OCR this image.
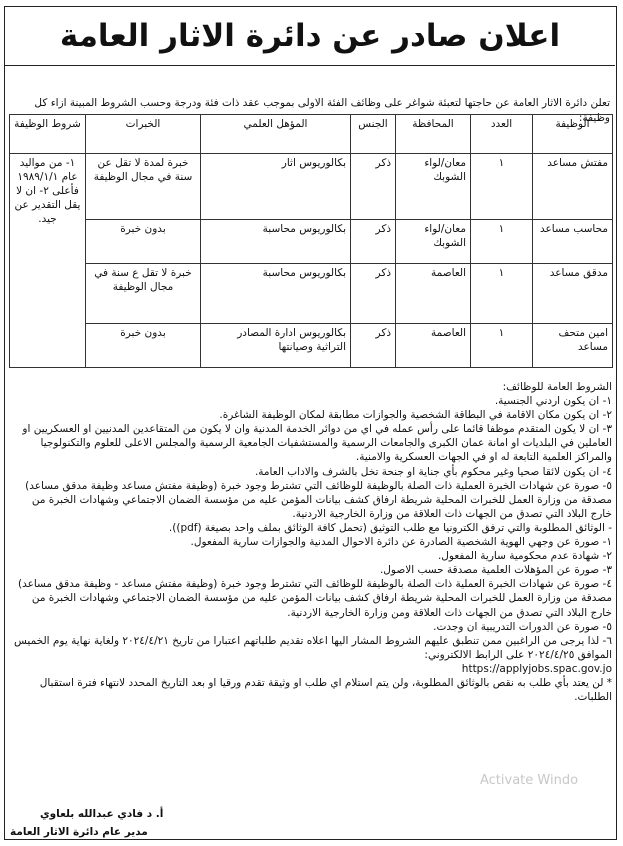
اعلان صادر عن دائرة الاثار العامة
تعلن دائرة الاثار العامة عن حاجتها لتعبئة شواغر على وظائف الفئة الاولى بموجب عقد ذات فئة ودرجة وحسب الشروط المبينة ازاء كل وظيفة:
الوظيفة	العدد	المحافظة	الجنس	المؤهل العلمي	الخبرات	شروط الوظيفة
مفتش مساعد	١	معان/لواء الشوبك	ذكر	بكالوريوس اثار	خبرة لمدة لا تقل عن سنة في مجال الوظيفة	١- من مواليد عام ١٩٨٩/١/١ فأعلى ٢- ان لا يقل التقدير عن جيد.
محاسب مساعد	١	معان/لواء الشوبك	ذكر	بكالوريوس محاسبة	بدون خبرة	
مدقق مساعد	١	العاصمة	ذكر	بكالوريوس محاسبة	خبرة لا تقل ع سنة في مجال الوظيفة	
امين متحف مساعد	١	العاصمة	ذكر	بكالوريوس ادارة المصادر التراثية وصيانتها	بدون خبرة	

الشروط العامة للوظائف:

١- ان يكون اردني الجنسية.

٢- ان يكون مكان الاقامة في البطاقة الشخصية والجوازات مطابقة لمكان الوظيفة الشاغرة.

٣- ان لا يكون المتقدم موظفا قائما على رأس عمله في اي من دوائر الخدمة المدنية وان لا يكون من المتقاعدين المدنيين او العسكريين او العاملين في البلديات او امانة عمان الكبرى والجامعات الرسمية والمستشفيات الجامعية الرسمية والمجلس الاعلى للعلوم والتكنولوجيا والمراكز العلمية التابعة له او في الجهات العسكرية والامنية.

٤- ان يكون لائقا صحيا وغير محكوم بأي جناية او جنحة تخل بالشرف والاداب العامة.

٥- صورة عن شهادات الخبرة العملية ذات الصلة بالوظيفة للوظائف التي تشترط وجود خبرة (وظيفة مفتش مساعد وظيفة مدقق مساعد) مصدقة من وزارة العمل للخبرات المحلية شريطة ارفاق كشف بيانات المؤمن عليه من مؤسسة الضمان الاجتماعي وشهادات الخبرة من خارج البلاد التي تصدق من الجهات ذات العلاقة من وزارة الخارجية الاردنية.

- الوثائق المطلوبة والتي ترفق الكترونيا مع طلب التوثيق (تحمل كافة الوثائق بملف واحد بصيغة (pdf)).

١- صورة عن وجهي الهوية الشخصية الصادرة عن دائرة الاحوال المدنية والجوازات سارية المفعول.

٢- شهادة عدم محكومية سارية المفعول.

٣- صورة عن المؤهلات العلمية مصدقة حسب الاصول.

٤- صورة عن شهادات الخبرة العملية ذات الصلة بالوظيفة للوظائف التي تشترط وجود خبرة (وظيفة مفتش مساعد - وظيفة مدقق مساعد) مصدقة من وزارة العمل للخبرات المحلية شريطة ارفاق كشف بيانات المؤمن عليه من مؤسسة الضمان الاجتماعي وشهادات الخبرة من خارج البلاد التي تصدق من الجهات ذات العلاقة ومن وزارة الخارجية الاردنية.

٥- صورة عن الدورات التدريبية ان وجدت.

٦- لذا يرجى من الراغبين ممن تنطبق عليهم الشروط المشار اليها اعلاه تقديم طلباتهم اعتبارا من تاريخ ٢٠٢٤/٤/٢١ ولغاية نهاية يوم الخميس الموافق ٢٠٢٤/٤/٢٥ على الرابط الالكتروني:

https://applyjobs.spac.gov.jo

* لن يعتد بأي طلب به نقص بالوثائق المطلوبة، ولن يتم استلام اي طلب او وثيقة تقدم ورقيا او بعد التاريخ المحدد لانتهاء فترة استقبال الطلبات.

أ. د فادي عبدالله بلعاوي
مدير عام دائرة الاثار العامة
Activate Windo
